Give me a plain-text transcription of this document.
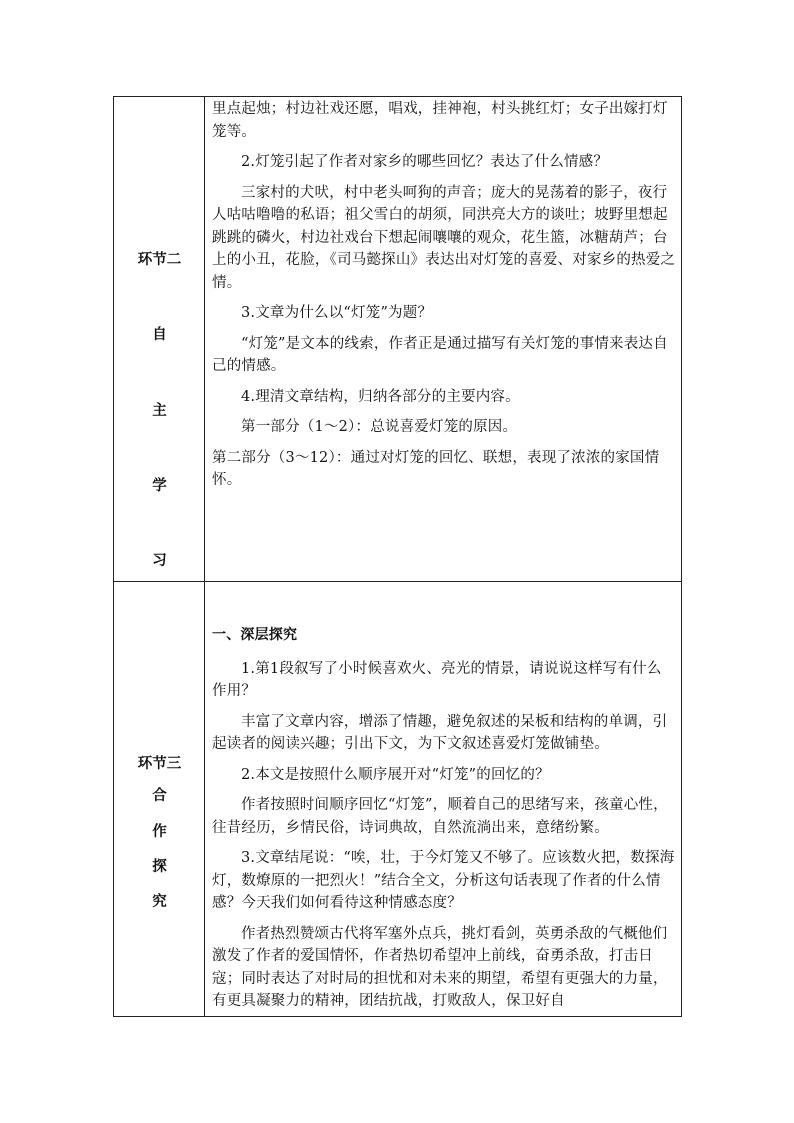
环节二
自
主
学
习

里点起烛；村边社戏还愿，唱戏，挂神袍，村头挑红灯；女子出嫁打灯笼等。

2.灯笼引起了作者对家乡的哪些回忆？表达了什么情感？

三家村的犬吠，村中老头呵狗的声音；庞大的晃荡着的影子，夜行人咕咕噜噜的私语；祖父雪白的胡须，同洪亮大方的谈吐；坡野里想起跳跳的磷火，村边社戏台下想起闹嚷嚷的观众，花生篮，冰糖葫芦；台上的小丑，花脸，《司马懿探山》表达出对灯笼的喜爱、对家乡的热爱之情。

3.文章为什么以“灯笼”为题？

“灯笼”是文本的线索，作者正是通过描写有关灯笼的事情来表达自己的情感。

4.理清文章结构，归纳各部分的主要内容。

第一部分（1～2）：总说喜爱灯笼的原因。

第二部分（3～12）：通过对灯笼的回忆、联想，表现了浓浓的家国情怀。

环节三
合
作
探
究

一、深层探究

1.第1段叙写了小时候喜欢火、亮光的情景，请说说这样写有什么作用？

丰富了文章内容，增添了情趣，避免叙述的呆板和结构的单调，引起读者的阅读兴趣；引出下文，为下文叙述喜爱灯笼做铺垫。

2.本文是按照什么顺序展开对“灯笼”的回忆的？

作者按照时间顺序回忆“灯笼”，顺着自己的思绪写来，孩童心性，往昔经历，乡情民俗，诗词典故，自然流淌出来，意绪纷繁。

3.文章结尾说：“唉，壮，于今灯笼又不够了。应该数火把，数探海灯，数燎原的一把烈火！”结合全文，分析这句话表现了作者的什么情感？今天我们如何看待这种情感态度？

作者热烈赞颂古代将军塞外点兵，挑灯看剑，英勇杀敌的气概他们激发了作者的爱国情怀，作者热切希望冲上前线，奋勇杀敌，打击日寇；同时表达了对时局的担忧和对未来的期望，希望有更强大的力量，有更具凝聚力的精神，团结抗战，打败敌人，保卫好自
